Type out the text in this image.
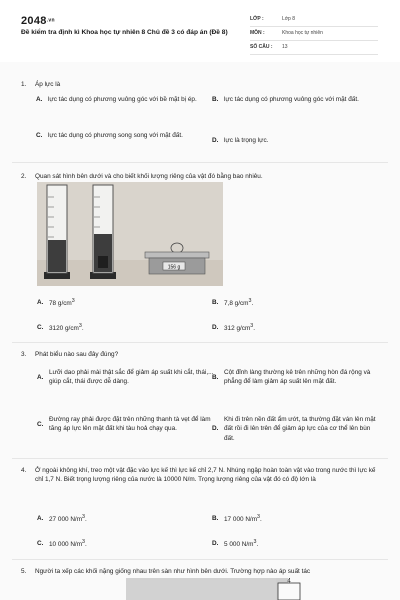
2048.vn
Đề kiểm tra định kì Khoa học tự nhiên 8 Chủ đề 3 có đáp án (Đề 8)
LỚP :	Lớp 8
MÔN :	Khoa học tự nhiên
SỐ CÂU :	13
1.	Áp lực là
A. lực tác dụng có phương vuông góc với bề mặt bị ép.	B. lực tác dụng có phương vuông góc với mặt đất.
C. lực tác dụng có phương song song với mặt đất.
D. lực là trọng lực.
2.	Quan sát hình bên dưới và cho biết khối lượng riêng của vật đó bằng bao nhiêu.
156 g
A. 78 $g/cm^3$	B. 7,8 $g/cm^3$.
C. 3120 $g/cm^3$.	D. 312 $g/cm^3$.
3.	Phát biểu nào sau đây đúng?
A.
Lưỡi dao phải mài thật sắc để giảm áp suất khi cắt, thái,... giúp cắt, thái được dễ dàng.
B.
Cột đỉnh làng thường kê trên những hòn đá rộng và phẳng để làm giảm áp suất lên mặt đất.
C.
Đường ray phải được đặt trên những thanh tà vẹt để làm tăng áp lực lên mặt đất khi tàu hoả chạy qua.	D.
Khi đi trên nền đất ẩm ướt, ta thường đặt ván lên mặt đất rồi đi lên trên để giảm áp lực của cơ thể lên bùn đất.
4.	Ở ngoài không khí, treo một vật đặc vào lực kế thì lực kế chỉ 2,7 N. Nhúng ngập hoàn toàn vật vào trong nước thì lực kế chỉ 1,7 N. Biết trọng lượng riêng của nước là 10000 N/m. Trọng lượng riêng của vật đó có độ lớn là
A. 27 000 $N/m^3$.	B. 17 000 $N/m^3$.
C. 10 000 $N/m^3$.	D. 5 000 $N/m^3$.
5.	Người ta xếp các khối nặng giống nhau trên sàn như hình bên dưới. Trường hợp nào áp suất tác
4
